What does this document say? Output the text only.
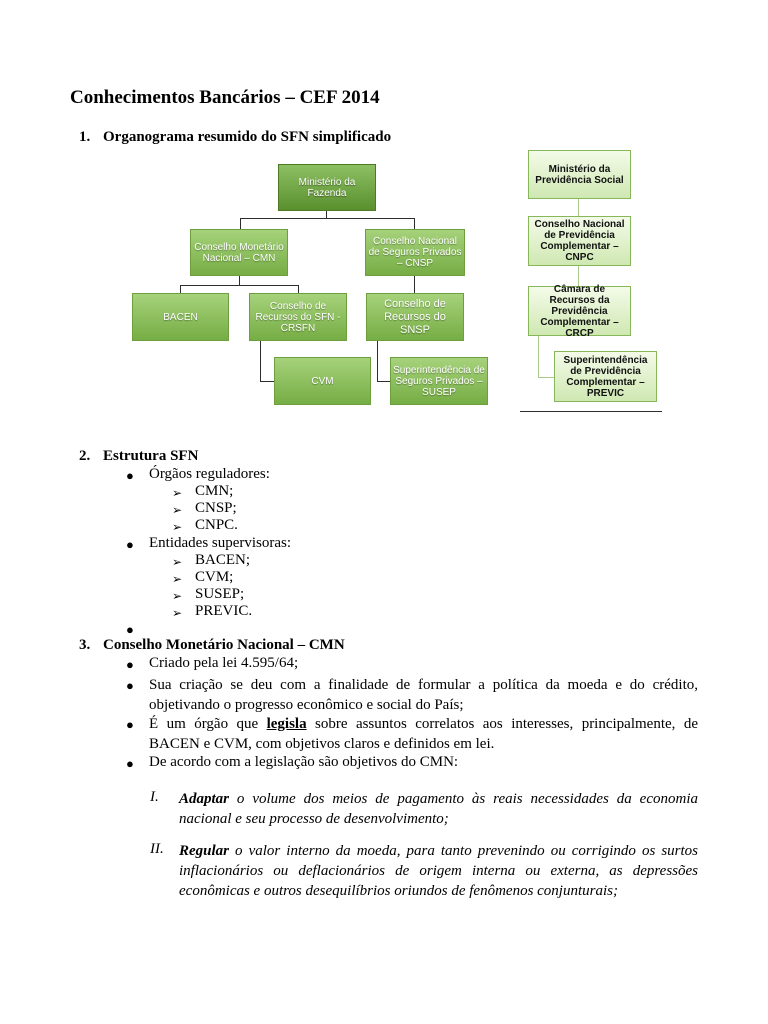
Conhecimentos Bancários – CEF 2014
1. Organograma resumido do SFN simplificado
Ministério da Fazenda
Conselho Monetário Nacional – CMN
Conselho Nacional de Seguros Privados – CNSP
BACEN
Conselho de Recursos do SFN - CRSFN
Conselho de Recursos do SNSP
CVM
Superintendência de Seguros Privados – SUSEP
Ministério da Previdência Social
Conselho Nacional de Previdência Complementar – CNPC
Câmara de Recursos da Previdência Complementar – CRCP
Superintendência de Previdência Complementar – PREVIC
2. Estrutura SFN
● Órgãos reguladores:
➢ CMN;
➢ CNSP;
➢ CNPC.
● Entidades supervisoras:
➢ BACEN;
➢ CVM;
➢ SUSEP;
➢ PREVIC.
●
3. Conselho Monetário Nacional – CMN
● Criado pela lei 4.595/64;
● Sua criação se deu com a finalidade de formular a política da moeda e do crédito, objetivando o progresso econômico e social do País;
● É um órgão que legisla sobre assuntos correlatos aos interesses, principalmente, de BACEN e CVM, com objetivos claros e definidos em lei.
● De acordo com a legislação são objetivos do CMN:
I. Adaptar o volume dos meios de pagamento às reais necessidades da economia nacional e seu processo de desenvolvimento;
II. Regular o valor interno da moeda, para tanto prevenindo ou corrigindo os surtos inflacionários ou deflacionários de origem interna ou externa, as depressões econômicas e outros desequilíbrios oriundos de fenômenos conjunturais;
